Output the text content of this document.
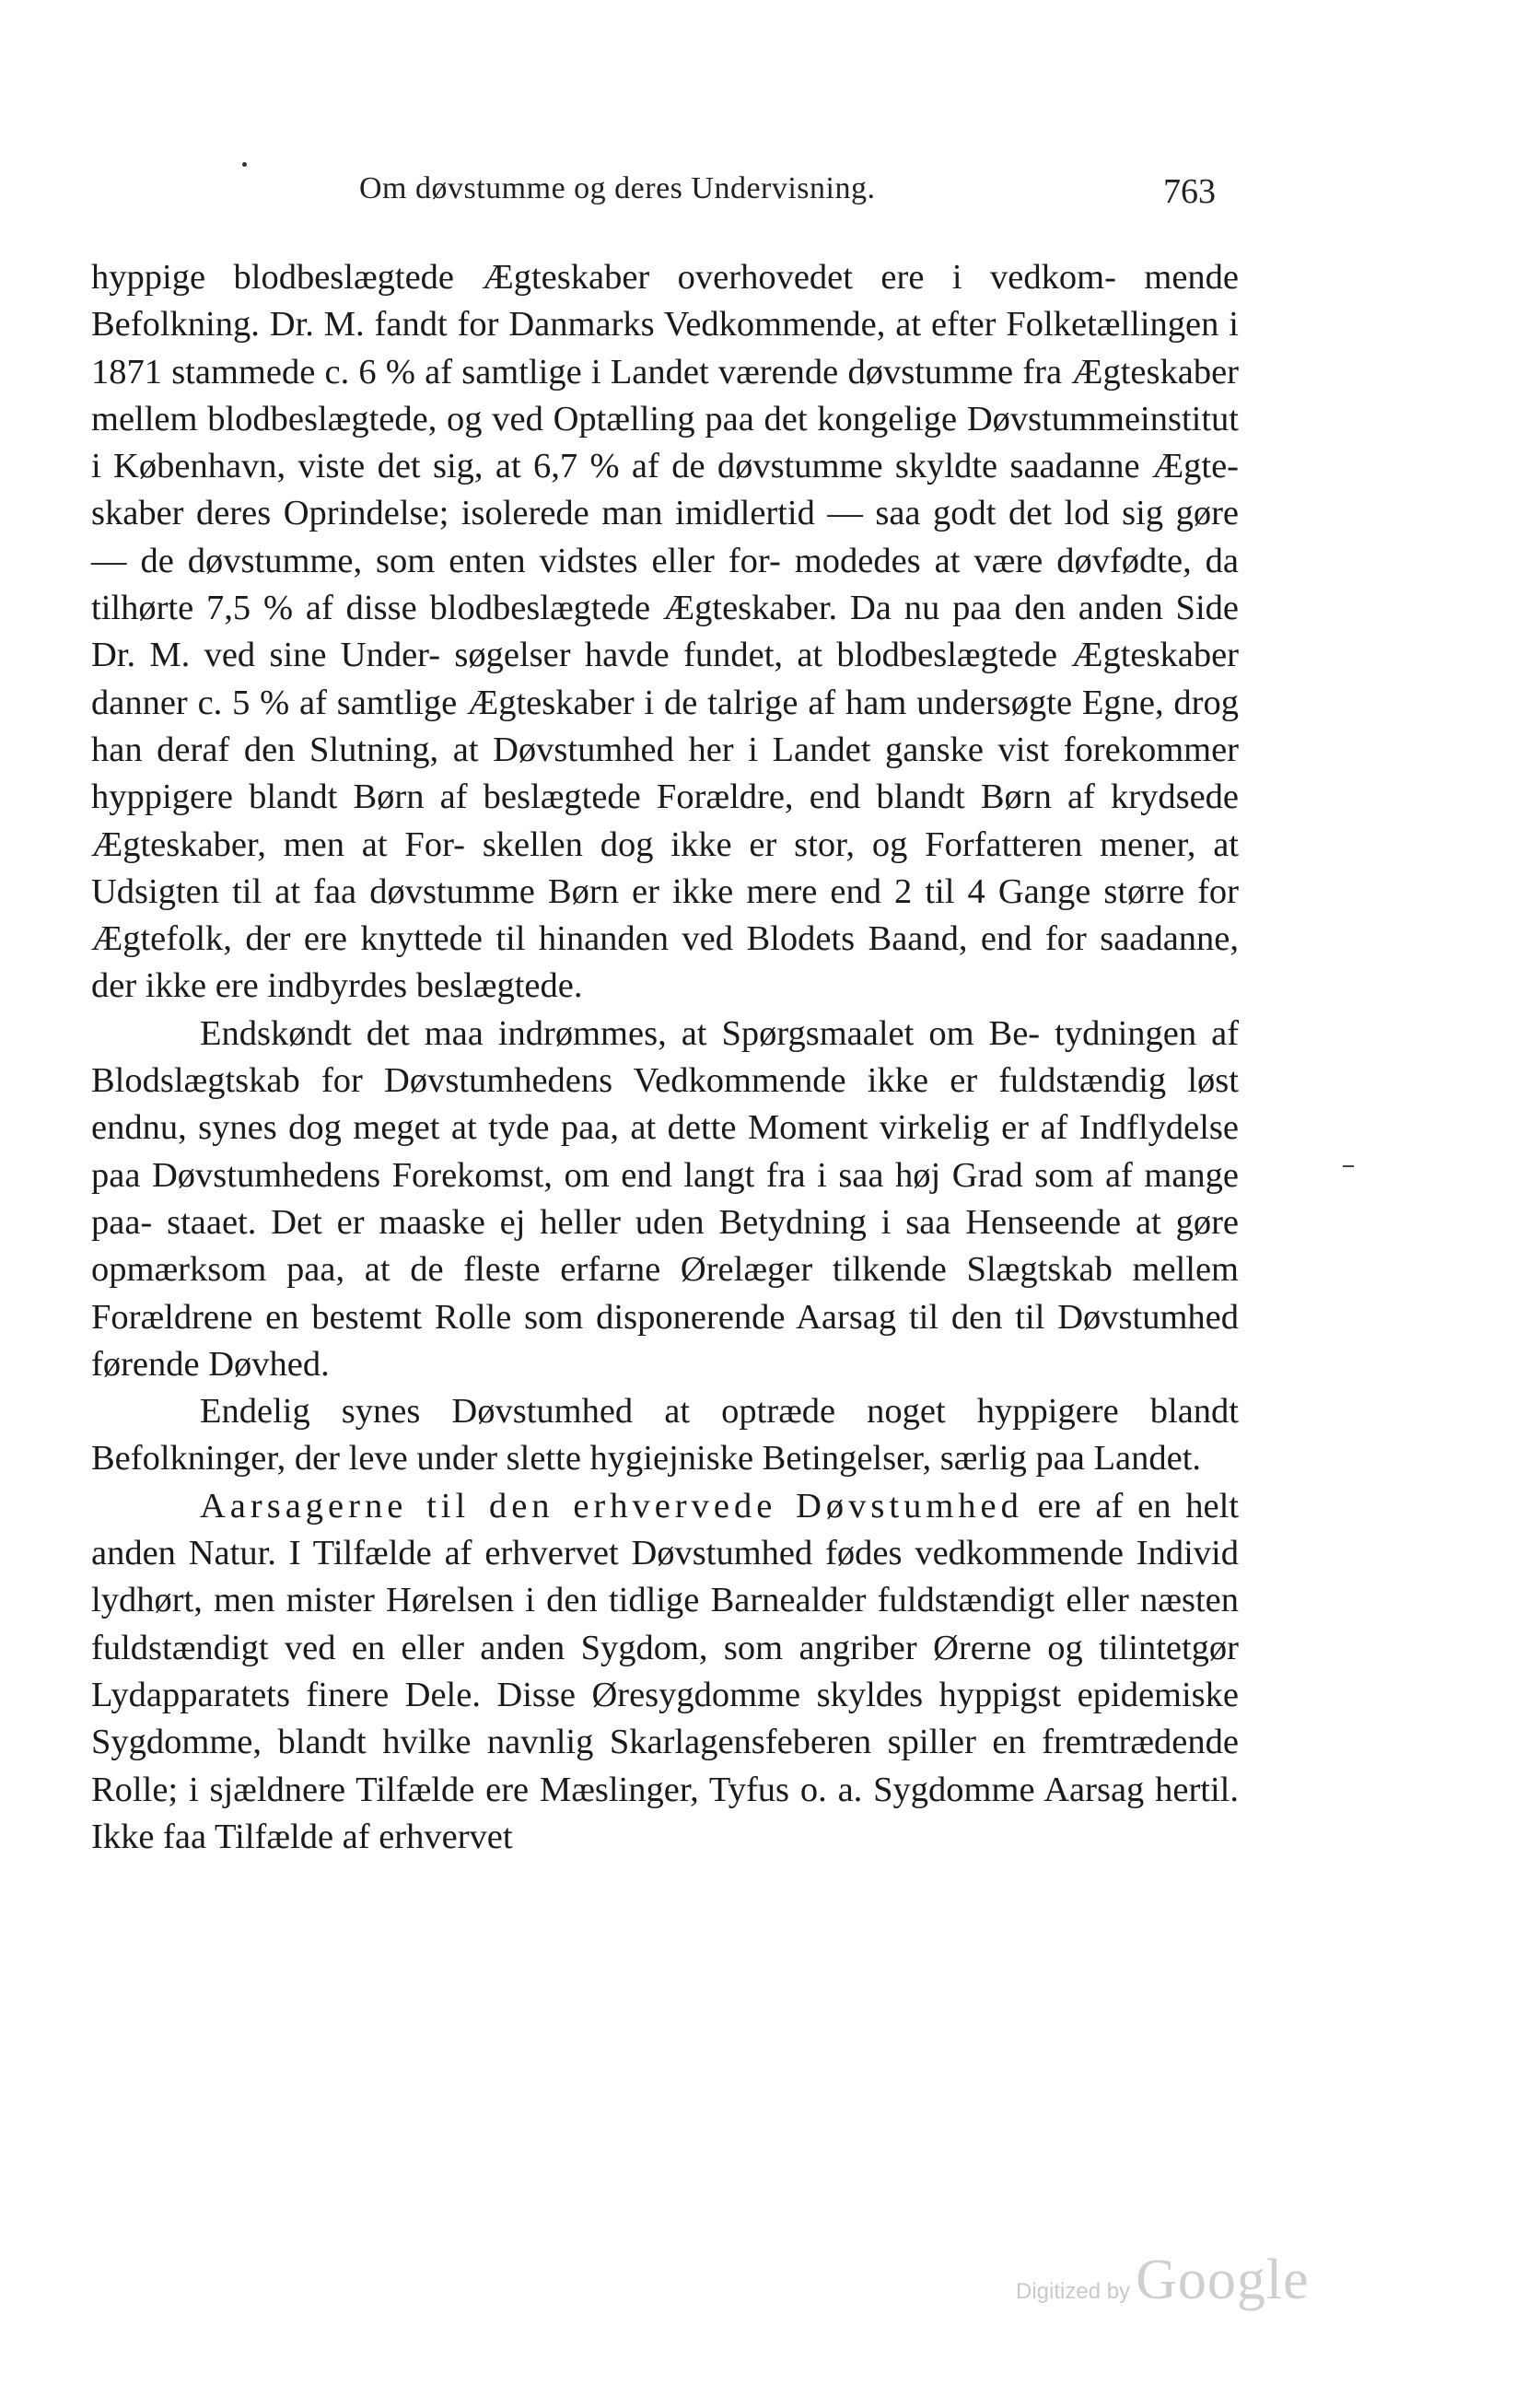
Om døvstumme og deres Undervisning.	763

hyppige blodbeslægtede Ægteskaber overhovedet ere i vedkom- mende Befolkning. Dr. M. fandt for Danmarks Vedkommende, at efter Folketællingen i 1871 stammede c. 6 % af samtlige i Landet værende døvstumme fra Ægteskaber mellem blodbeslægtede, og ved Optælling paa det kongelige Døvstummeinstitut i København, viste det sig, at 6,7 % af de døvstumme skyldte saadanne Ægte- skaber deres Oprindelse; isolerede man imidlertid — saa godt det lod sig gøre — de døvstumme, som enten vidstes eller for- modedes at være døvfødte, da tilhørte 7,5 % af disse blodbeslægtede Ægteskaber. Da nu paa den anden Side Dr. M. ved sine Under- søgelser havde fundet, at blodbeslægtede Ægteskaber danner c. 5 % af samtlige Ægteskaber i de talrige af ham undersøgte Egne, drog han deraf den Slutning, at Døvstumhed her i Landet ganske vist forekommer hyppigere blandt Børn af beslægtede Forældre, end blandt Børn af krydsede Ægteskaber, men at For- skellen dog ikke er stor, og Forfatteren mener, at Udsigten til at faa døvstumme Børn er ikke mere end 2 til 4 Gange større for Ægtefolk, der ere knyttede til hinanden ved Blodets Baand, end for saadanne, der ikke ere indbyrdes beslægtede.

Endskøndt det maa indrømmes, at Spørgsmaalet om Be- tydningen af Blodslægtskab for Døvstumhedens Vedkommende ikke er fuldstændig løst endnu, synes dog meget at tyde paa, at dette Moment virkelig er af Indflydelse paa Døvstumhedens Forekomst, om end langt fra i saa høj Grad som af mange paa- staaet. Det er maaske ej heller uden Betydning i saa Henseende at gøre opmærksom paa, at de fleste erfarne Ørelæger tilkende Slægtskab mellem Forældrene en bestemt Rolle som disponerende Aarsag til den til Døvstumhed førende Døvhed.

Endelig synes Døvstumhed at optræde noget hyppigere blandt Befolkninger, der leve under slette hygiejniske Betingelser, særlig paa Landet.

Aarsagerne til den erhvervede Døvstumhed ere af en helt anden Natur. I Tilfælde af erhvervet Døvstumhed fødes vedkommende Individ lydhørt, men mister Hørelsen i den tidlige Barnealder fuldstændigt eller næsten fuldstændigt ved en eller anden Sygdom, som angriber Ørerne og tilintetgør Lydapparatets finere Dele. Disse Øresygdomme skyldes hyppigst epidemiske Sygdomme, blandt hvilke navnlig Skarlagensfeberen spiller en fremtrædende Rolle; i sjældnere Tilfælde ere Mæslinger, Tyfus o. a. Sygdomme Aarsag hertil. Ikke faa Tilfælde af erhvervet

Digitized by Google
